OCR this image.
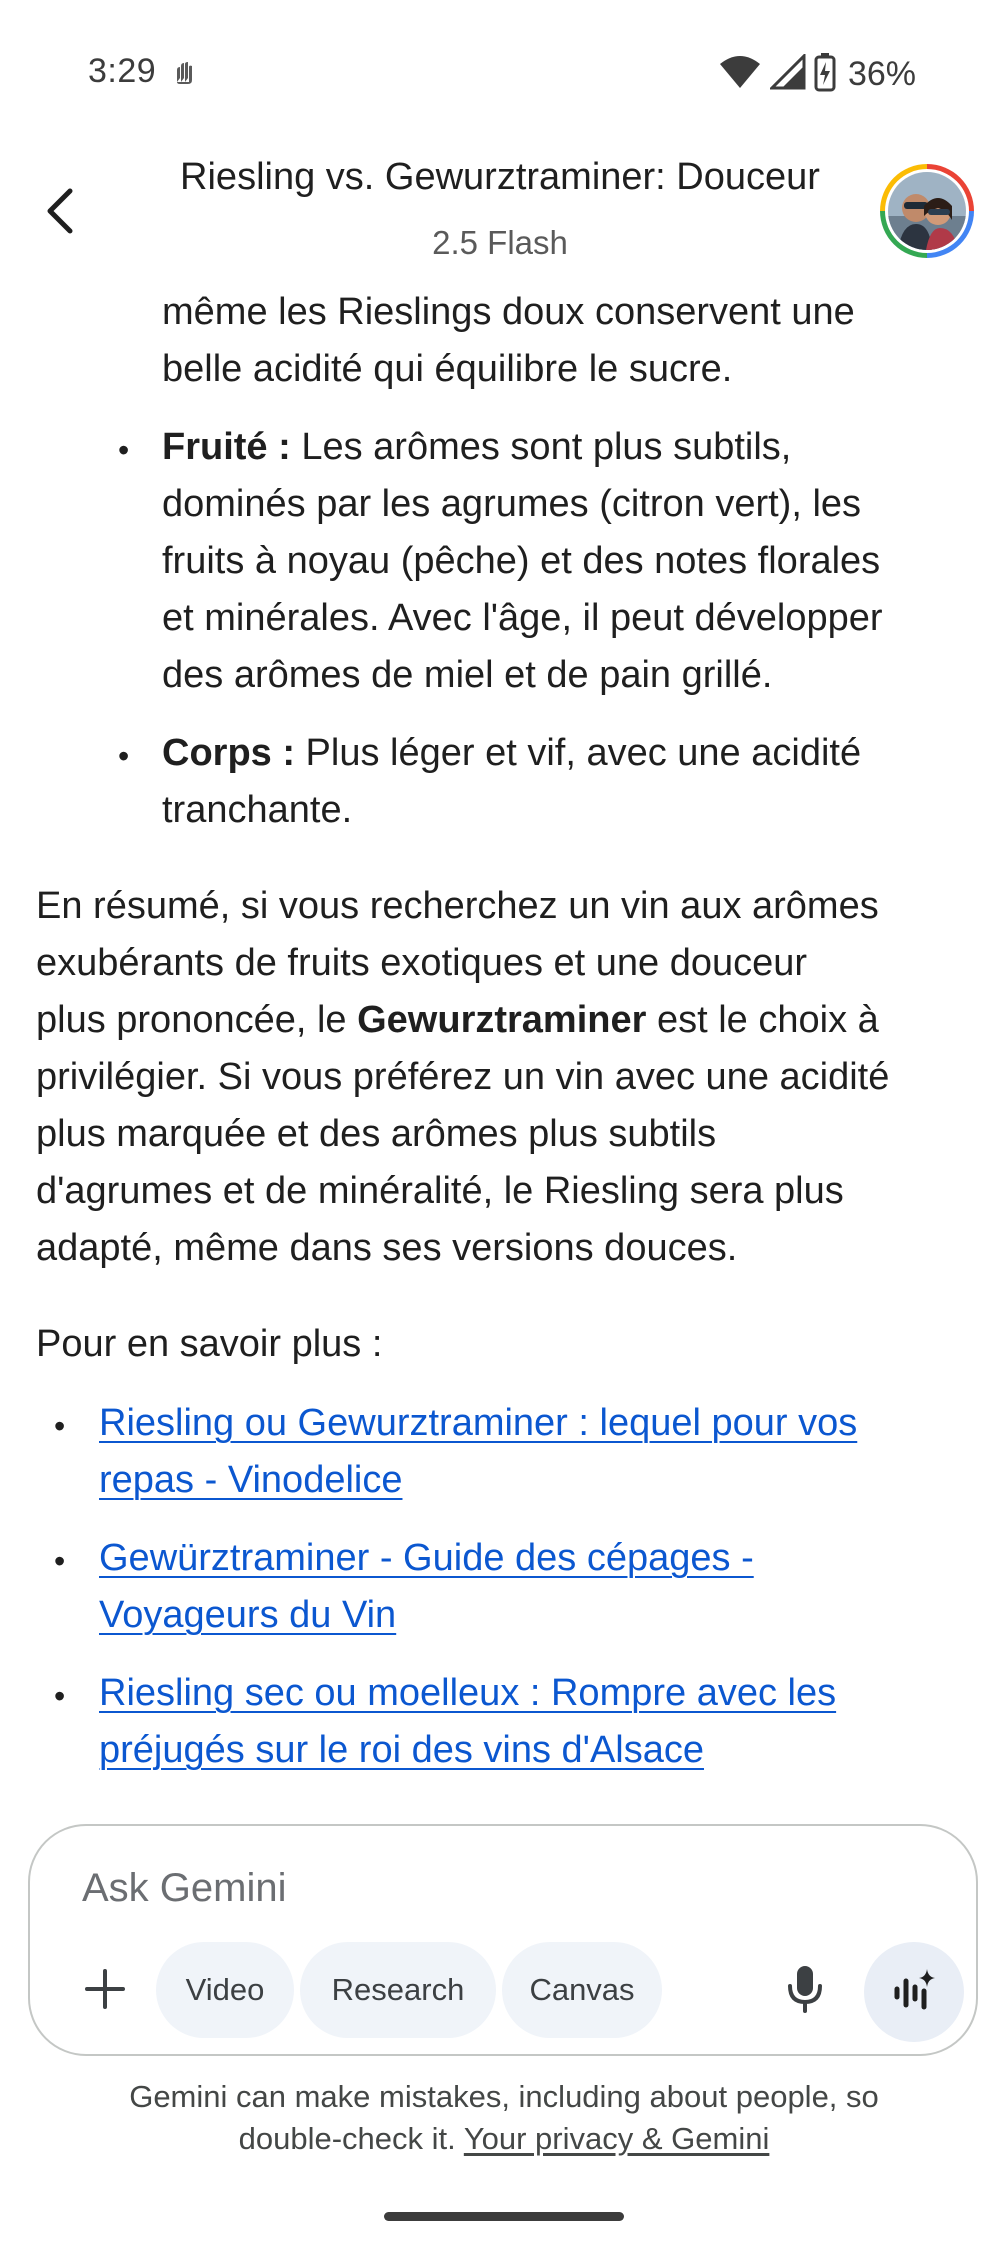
3:29	36%
Riesling vs. Gewurztraminer: Douceur
2.5 Flash
même les Rieslings doux conservent une
belle acidité qui équilibre le sucre.
• Fruité : Les arômes sont plus subtils,
dominés par les agrumes (citron vert), les
fruits à noyau (pêche) et des notes florales
et minérales. Avec l'âge, il peut développer
des arômes de miel et de pain grillé.
• Corps : Plus léger et vif, avec une acidité
tranchante.
En résumé, si vous recherchez un vin aux arômes
exubérants de fruits exotiques et une douceur
plus prononcée, le Gewurztraminer est le choix à
privilégier. Si vous préférez un vin avec une acidité
plus marquée et des arômes plus subtils
d'agrumes et de minéralité, le Riesling sera plus
adapté, même dans ses versions douces.
Pour en savoir plus :
• Riesling ou Gewurztraminer : lequel pour vos
repas - Vinodelice
• Gewürztraminer - Guide des cépages -
Voyageurs du Vin
• Riesling sec ou moelleux : Rompre avec les
préjugés sur le roi des vins d'Alsace
Ask Gemini
Video	Research	Canvas
Gemini can make mistakes, including about people, so
double-check it. Your privacy & Gemini
